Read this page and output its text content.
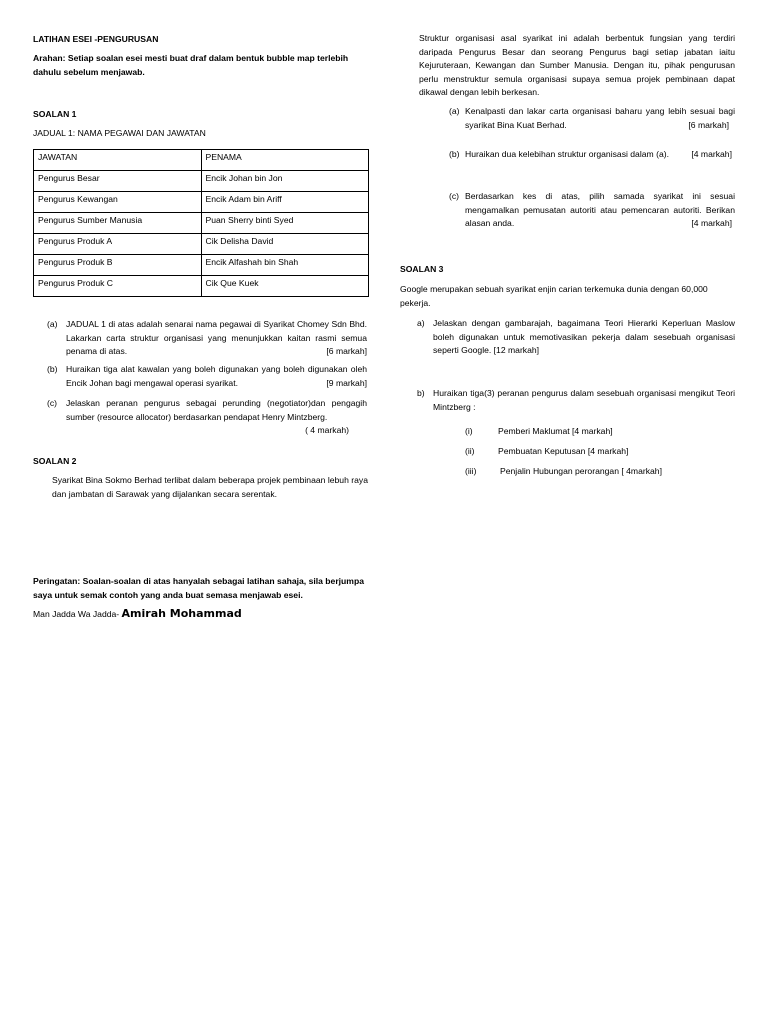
LATIHAN ESEI -PENGURUSAN
Arahan: Setiap soalan esei mesti buat draf dalam bentuk bubble map terlebih dahulu sebelum menjawab.
SOALAN 1
JADUAL 1: NAMA PEGAWAI DAN JAWATAN
JAWATAN	PENAMA
Pengurus Besar	Encik Johan bin Jon
Pengurus Kewangan	Encik Adam bin Ariff
Pengurus Sumber Manusia	Puan Sherry binti Syed
Pengurus Produk A	Cik Delisha David
Pengurus Produk B	Encik Alfashah bin Shah
Pengurus Produk C	Cik Que Kuek
(a) JADUAL 1 di atas adalah senarai nama pegawai di Syarikat Chomey Sdn Bhd. Lakarkan carta struktur organisasi yang menunjukkan kaitan rasmi semua penama di atas.	[6 markah]
(b) Huraikan tiga alat kawalan yang boleh digunakan yang boleh digunakan oleh Encik Johan bagi mengawal operasi syarikat.	[9 markah]
(c)	Jelaskan peranan pengurus sebagai perunding (negotiator)dan pengagih sumber (resource allocator) berdasarkan pendapat Henry Mintzberg.
( 4 markah)
SOALAN 2
Syarikat Bina Sokmo Berhad terlibat dalam beberapa projek pembinaan lebuh raya dan jambatan di Sarawak yang dijalankan secara serentak.
Peringatan: Soalan-soalan di atas hanyalah sebagai latihan sahaja, sila berjumpa saya untuk semak contoh yang anda buat semasa menjawab esei.
Man Jadda Wa Jadda- Amirah Mohammad
Struktur organisasi asal syarikat ini adalah berbentuk fungsian yang terdiri daripada Pengurus Besar dan seorang Pengurus bagi setiap jabatan iaitu Kejuruteraan, Kewangan dan Sumber Manusia. Dengan itu, pihak pengurusan perlu menstruktur semula organisasi supaya semua projek pembinaan dapat dikawal dengan lebih berkesan.
(a) Kenalpasti dan lakar carta organisasi baharu yang lebih sesuai bagi syarikat Bina Kuat Berhad.	[6 markah]
(b) Huraikan dua kelebihan struktur organisasi dalam (a).	[4 markah]
(c) Berdasarkan kes di atas, pilih samada syarikat ini sesuai mengamalkan pemusatan autoriti atau pemencaran autoriti. Berikan alasan anda.	[4 markah]
SOALAN 3
Google merupakan sebuah syarikat enjin carian terkemuka dunia dengan 60,000 pekerja.
a) Jelaskan dengan gambarajah, bagaimana Teori Hierarki Keperluan Maslow boleh digunakan untuk memotivasikan pekerja dalam sesebuah organisasi seperti Google. [12 markah]
b) Huraikan tiga(3) peranan pengurus dalam sesebuah organisasi mengikut Teori Mintzberg :
(i)	Pemberi Maklumat [4 markah]
(ii)	Pembuatan Keputusan [4 markah]
(iii)	Penjalin Hubungan perorangan [ 4markah]
